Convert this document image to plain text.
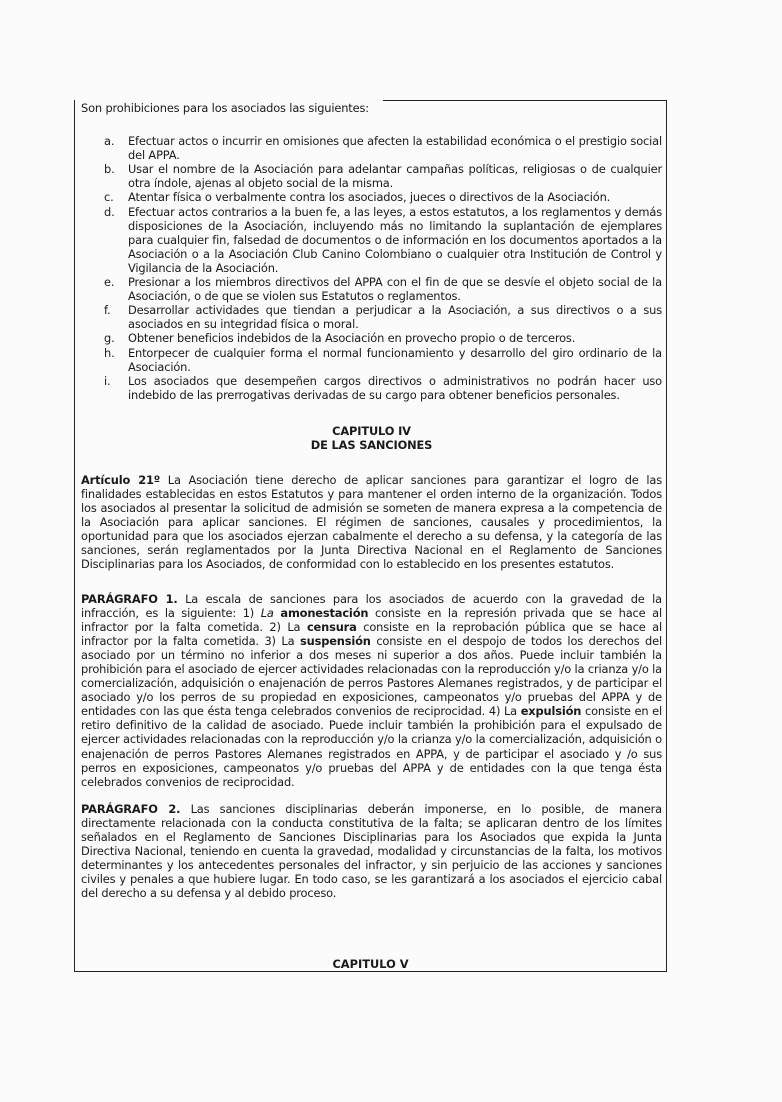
Son prohibiciones para los asociados las siguientes:

a. Efectuar actos o incurrir en omisiones que afecten la estabilidad económica o el prestigio social del APPA.
b. Usar el nombre de la Asociación para adelantar campañas políticas, religiosas o de cualquier otra índole, ajenas al objeto social de la misma.
c. Atentar física o verbalmente contra los asociados, jueces o directivos de la Asociación.
d. Efectuar actos contrarios a la buen fe, a las leyes, a estos estatutos, a los reglamentos y demás disposiciones de la Asociación, incluyendo más no limitando la suplantación de ejemplares para cualquier fin, falsedad de documentos o de información en los documentos aportados a la Asociación o a la Asociación Club Canino Colombiano o cualquier otra Institución de Control y Vigilancia de la Asociación.
e. Presionar a los miembros directivos del APPA con el fin de que se desvíe el objeto social de la Asociación, o de que se violen sus Estatutos o reglamentos.
f. Desarrollar actividades que tiendan a perjudicar a la Asociación, a sus directivos o a sus asociados en su integridad física o moral.
g. Obtener beneficios indebidos de la Asociación en provecho propio o de terceros.
h. Entorpecer de cualquier forma el normal funcionamiento y desarrollo del giro ordinario de la Asociación.
i. Los asociados que desempeñen cargos directivos o administrativos no podrán hacer uso indebido de las prerrogativas derivadas de su cargo para obtener beneficios personales.
CAPITULO IV
DE LAS SANCIONES

Artículo 21º La Asociación tiene derecho de aplicar sanciones para garantizar el logro de las finalidades establecidas en estos Estatutos y para mantener el orden interno de la organización. Todos los asociados al presentar la solicitud de admisión se someten de manera expresa a la competencia de la Asociación para aplicar sanciones. El régimen de sanciones, causales y procedimientos, la oportunidad para que los asociados ejerzan cabalmente el derecho a su defensa, y la categoría de las sanciones, serán reglamentados por la Junta Directiva Nacional en el Reglamento de Sanciones Disciplinarias para los Asociados, de conformidad con lo establecido en los presentes estatutos.

PARÁGRAFO 1. La escala de sanciones para los asociados de acuerdo con la gravedad de la infracción, es la siguiente: 1) La amonestación consiste en la represión privada que se hace al infractor por la falta cometida. 2) La censura consiste en la reprobación pública que se hace al infractor por la falta cometida. 3) La suspensión consiste en el despojo de todos los derechos del asociado por un término no inferior a dos meses ni superior a dos años. Puede incluir también la prohibición para el asociado de ejercer actividades relacionadas con la reproducción y/o la crianza y/o la comercialización, adquisición o enajenación de perros Pastores Alemanes registrados, y de participar el asociado y/o los perros de su propiedad en exposiciones, campeonatos y/o pruebas del APPA y de entidades con las que ésta tenga celebrados convenios de reciprocidad. 4) La expulsión consiste en el retiro definitivo de la calidad de asociado. Puede incluir también la prohibición para el expulsado de ejercer actividades relacionadas con la reproducción y/o la crianza y/o la comercialización, adquisición o enajenación de perros Pastores Alemanes registrados en APPA, y de participar el asociado y /o sus perros en exposiciones, campeonatos y/o pruebas del APPA y de entidades con la que tenga ésta celebrados convenios de reciprocidad.

PARÁGRAFO 2. Las sanciones disciplinarias deberán imponerse, en lo posible, de manera directamente relacionada con la conducta constitutiva de la falta; se aplicaran dentro de los límites señalados en el Reglamento de Sanciones Disciplinarias para los Asociados que expida la Junta Directiva Nacional, teniendo en cuenta la gravedad, modalidad y circunstancias de la falta, los motivos determinantes y los antecedentes personales del infractor, y sin perjuicio de las acciones y sanciones civiles y penales a que hubiere lugar. En todo caso, se les garantizará a los asociados el ejercicio cabal del derecho a su defensa y al debido proceso.

CAPITULO V
